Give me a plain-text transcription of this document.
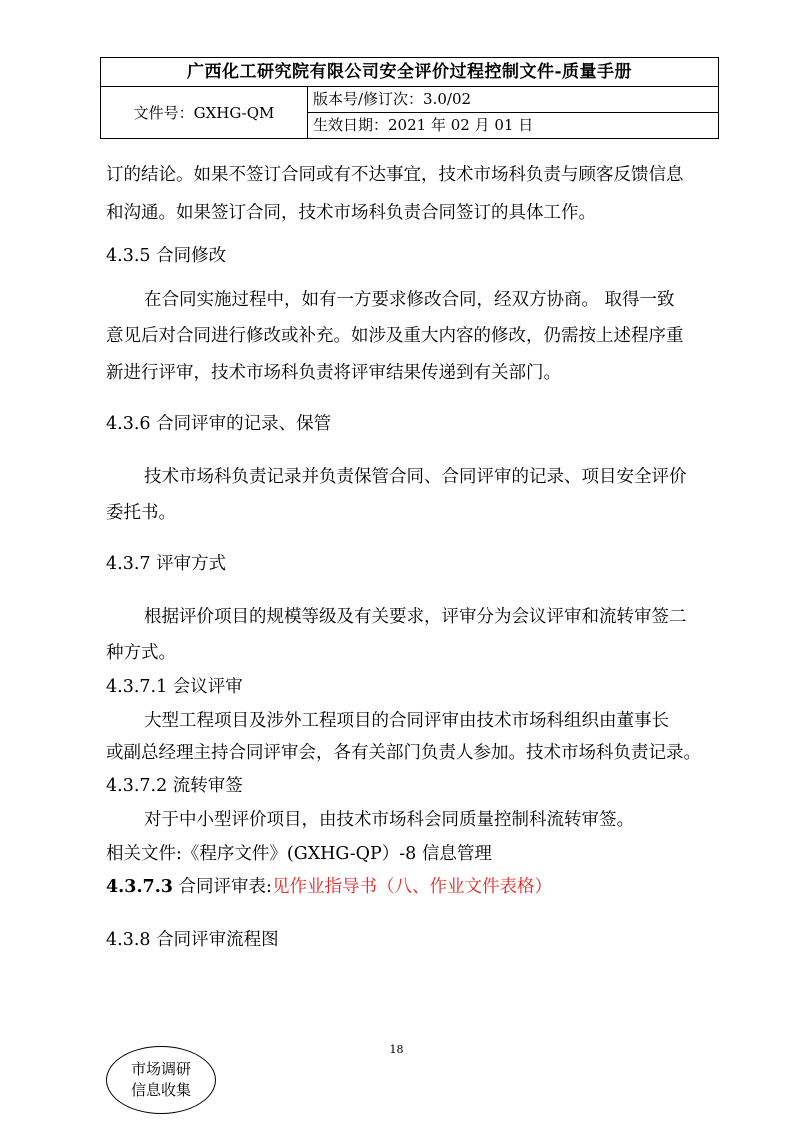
广西化工研究院有限公司安全评价过程控制文件-质量手册
文件号：GXHG-QM
版本号/修订次：3.0/02
生效日期：2021 年 02 月 01 日
订的结论。如果不签订合同或有不达事宜，技术市场科负责与顾客反馈信息
和沟通。如果签订合同，技术市场科负责合同签订的具体工作。
4.3.5 合同修改
在合同实施过程中，如有一方要求修改合同，经双方协商。 取得一致
意见后对合同进行修改或补充。如涉及重大内容的修改，仍需按上述程序重
新进行评审，技术市场科负责将评审结果传递到有关部门。
4.3.6 合同评审的记录、保管
技术市场科负责记录并负责保管合同、合同评审的记录、项目安全评价
委托书。
4.3.7 评审方式
根据评价项目的规模等级及有关要求，评审分为会议评审和流转审签二
种方式。
4.3.7.1 会议评审
大型工程项目及涉外工程项目的合同评审由技术市场科组织由董事长
或副总经理主持合同评审会，各有关部门负责人参加。技术市场科负责记录。
4.3.7.2 流转审签
对于中小型评价项目，由技术市场科会同质量控制科流转审签。
相关文件:《程序文件》(GXHG-QP）-8 信息管理
4.3.7.3 合同评审表:见作业指导书（八、作业文件表格）
4.3.8 合同评审流程图
18
市场调研
信息收集
